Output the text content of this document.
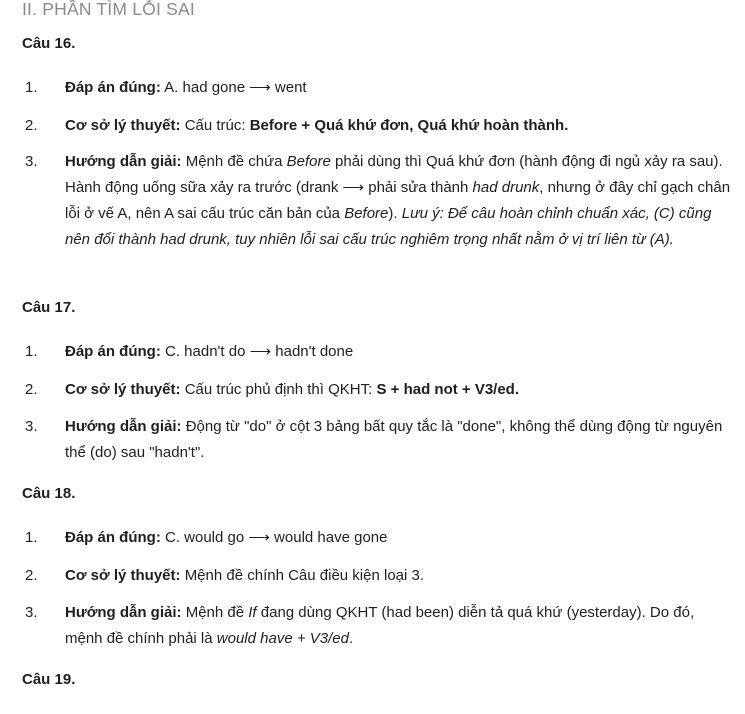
II. PHẦN TÌM LỖI SAI
Câu 16.
1. Đáp án đúng: A. had gone ⟶ went
2. Cơ sở lý thuyết: Cấu trúc: Before + Quá khứ đơn, Quá khứ hoàn thành.
3. Hướng dẫn giải: Mệnh đề chứa Before phải dùng thì Quá khứ đơn (hành động đi ngủ xảy ra sau). Hành động uống sữa xảy ra trước (drank ⟶ phải sửa thành had drunk, nhưng ở đây chỉ gạch chân lỗi ở vế A, nên A sai cấu trúc căn bản của Before). Lưu ý: Để câu hoàn chỉnh chuẩn xác, (C) cũng nên đổi thành had drunk, tuy nhiên lỗi sai cấu trúc nghiêm trọng nhất nằm ở vị trí liên từ (A).
Câu 17.
1. Đáp án đúng: C. hadn't do ⟶ hadn't done
2. Cơ sở lý thuyết: Cấu trúc phủ định thì QKHT: S + had not + V3/ed.
3. Hướng dẫn giải: Động từ "do" ở cột 3 bảng bất quy tắc là "done", không thể dùng động từ nguyên thể (do) sau "hadn't".
Câu 18.
1. Đáp án đúng: C. would go ⟶ would have gone
2. Cơ sở lý thuyết: Mệnh đề chính Câu điều kiện loại 3.
3. Hướng dẫn giải: Mệnh đề If đang dùng QKHT (had been) diễn tả quá khứ (yesterday). Do đó, mệnh đề chính phải là would have + V3/ed.
Câu 19.
